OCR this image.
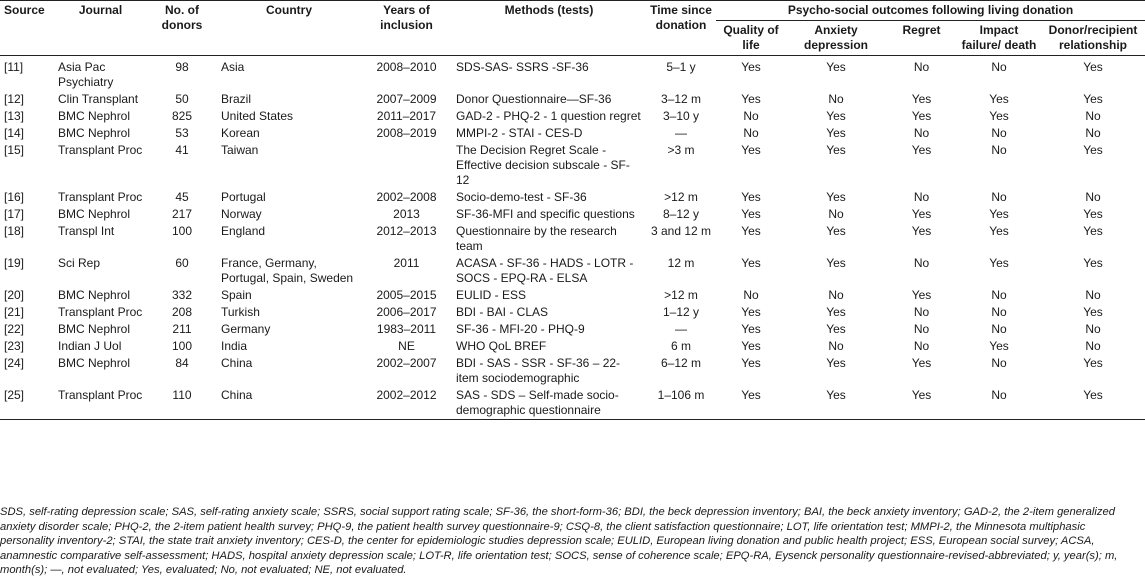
Source	Journal	No. of donors	Country	Years of inclusion	Methods (tests)	Time since donation	Psycho-social outcomes following living donation				
							Quality of life	Anxiety depression	Regret	Impact failure/ death	Donor/recipient relationship

[11]	Asia Pac Psychiatry	98	Asia	2008–2010	SDS-SAS- SSRS -SF-36	5–1 y	Yes	Yes	No	No	Yes
[12]	Clin Transplant	50	Brazil	2007–2009	Donor Questionnaire—SF-36	3–12 m	Yes	No	Yes	Yes	Yes
[13]	BMC Nephrol	825	United States	2011–2017	GAD-2 - PHQ-2 - 1 question regret	3–10 y	No	Yes	Yes	Yes	No
[14]	BMC Nephrol	53	Korean	2008–2019	MMPI-2 - STAI - CES-D	—	No	Yes	No	No	No
[15]	Transplant Proc	41	Taiwan		The Decision Regret Scale - Effective decision subscale - SF-12	>3 m	Yes	Yes	Yes	No	Yes
[16]	Transplant Proc	45	Portugal	2002–2008	Socio-demo-test - SF-36	>12 m	Yes	Yes	No	No	No
[17]	BMC Nephrol	217	Norway	2013	SF-36-MFI and specific questions	8–12 y	Yes	No	Yes	Yes	Yes
[18]	Transpl Int	100	England	2012–2013	Questionnaire by the research team	3 and 12 m	Yes	Yes	Yes	Yes	Yes
[19]	Sci Rep	60	France, Germany, Portugal, Spain, Sweden	2011	ACASA - SF-36 - HADS - LOTR - SOCS - EPQ-RA - ELSA	12 m	Yes	Yes	No	Yes	Yes
[20]	BMC Nephrol	332	Spain	2005–2015	EULID - ESS	>12 m	No	No	Yes	No	No
[21]	Transplant Proc	208	Turkish	2006–2017	BDI - BAI - CLAS	1–12 y	Yes	Yes	No	No	Yes
[22]	BMC Nephrol	211	Germany	1983–2011	SF-36 - MFI-20 - PHQ-9	—	Yes	Yes	No	No	No
[23]	Indian J Uol	100	India	NE	WHO QoL BREF	6 m	Yes	No	No	Yes	No
[24]	BMC Nephrol	84	China	2002–2007	BDI - SAS - SSR - SF-36 – 22-item sociodemographic	6–12 m	Yes	Yes	Yes	No	Yes
[25]	Transplant Proc	110	China	2002–2012	SAS - SDS – Self-made socio-demographic questionnaire	1–106 m	Yes	Yes	Yes	No	Yes
SDS, self-rating depression scale; SAS, self-rating anxiety scale; SSRS, social support rating scale; SF-36, the short-form-36; BDI, the beck depression inventory; BAI, the beck anxiety inventory; GAD-2, the 2-item generalized anxiety disorder scale; PHQ-2, the 2-item patient health survey; PHQ-9, the patient health survey questionnaire-9; CSQ-8, the client satisfaction questionnaire; LOT, life orientation test; MMPI-2, the Minnesota multiphasic personality inventory-2; STAI, the state trait anxiety inventory; CES-D, the center for epidemiologic studies depression scale; EULID, European living donation and public health project; ESS, European social survey; ACSA, anamnestic comparative self-assessment; HADS, hospital anxiety depression scale; LOT-R, life orientation test; SOCS, sense of coherence scale; EPQ-RA, Eysenck personality questionnaire-revised-abbreviated; y, year(s); m, month(s); —, not evaluated; Yes, evaluated; No, not evaluated; NE, not evaluated.
